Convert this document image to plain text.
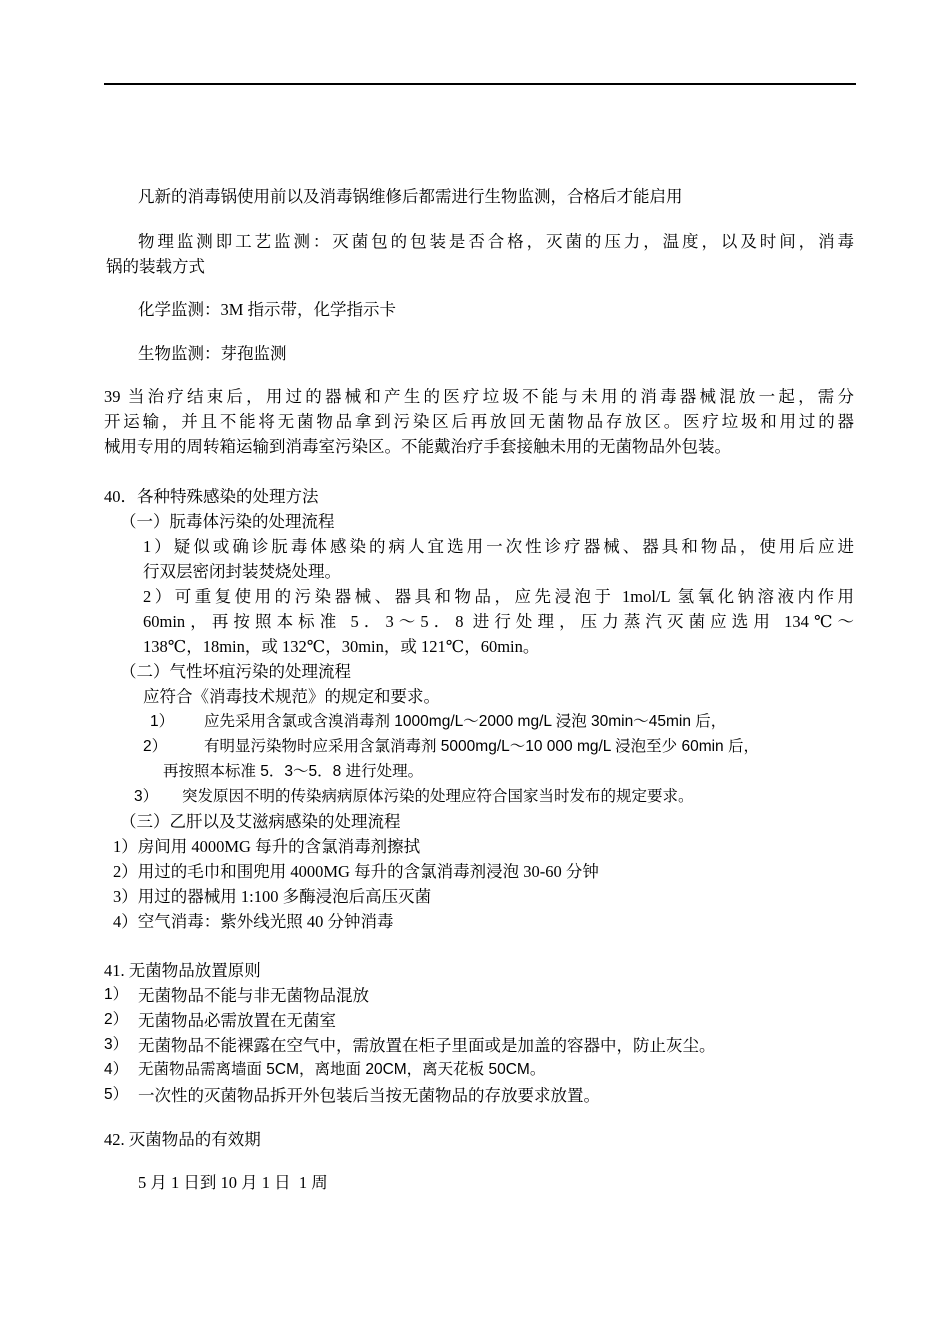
凡新的消毒锅使用前以及消毒锅维修后都需进行生物监测，合格后才能启用
物理监测即工艺监测：灭菌包的包装是否合格，灭菌的压力，温度，以及时间，消毒
锅的装载方式
化学监测：3M 指示带，化学指示卡
生物监测：芽孢监测
39 当治疗结束后，用过的器械和产生的医疗垃圾不能与未用的消毒器械混放一起，需分
开运输，并且不能将无菌物品拿到污染区后再放回无菌物品存放区。医疗垃圾和用过的器
械用专用的周转箱运输到消毒室污染区。不能戴治疗手套接触未用的无菌物品外包装。
40．各种特殊感染的处理方法
（一）朊毒体污染的处理流程
1）疑似或确诊朊毒体感染的病人宜选用一次性诊疗器械、器具和物品，使用后应进
行双层密闭封装焚烧处理。
2）可重复使用的污染器械、器具和物品，应先浸泡于 1mol/L 氢氧化钠溶液内作用
60min，再按照本标准 5．3～5．8 进行处理，压力蒸汽灭菌应选用 134℃～
138℃，18min，或 132℃，30min，或 121℃，60min。
（二）气性坏疽污染的处理流程
应符合《消毒技术规范》的规定和要求。
1） 应先采用含氯或含溴消毒剂 1000mg/L～2000 mg/L 浸泡 30min～45min 后，
2） 有明显污染物时应采用含氯消毒剂 5000mg/L～10 000 mg/L 浸泡至少 60min 后，
再按照本标准 5．3～5．8 进行处理。
3） 突发原因不明的传染病病原体污染的处理应符合国家当时发布的规定要求。
（三）乙肝以及艾滋病感染的处理流程
1）房间用 4000MG 每升的含氯消毒剂擦拭
2）用过的毛巾和围兜用 4000MG 每升的含氯消毒剂浸泡 30-60 分钟
3）用过的器械用 1:100 多酶浸泡后高压灭菌
4）空气消毒：紫外线光照 40 分钟消毒
41. 无菌物品放置原则
1） 无菌物品不能与非无菌物品混放
2） 无菌物品必需放置在无菌室
3） 无菌物品不能裸露在空气中，需放置在柜子里面或是加盖的容器中，防止灰尘。
4） 无菌物品需离墙面 5CM，离地面 20CM，离天花板 50CM。
5） 一次性的灭菌物品拆开外包装后当按无菌物品的存放要求放置。
42. 灭菌物品的有效期
5 月 1 日到 10 月 1 日  1 周
